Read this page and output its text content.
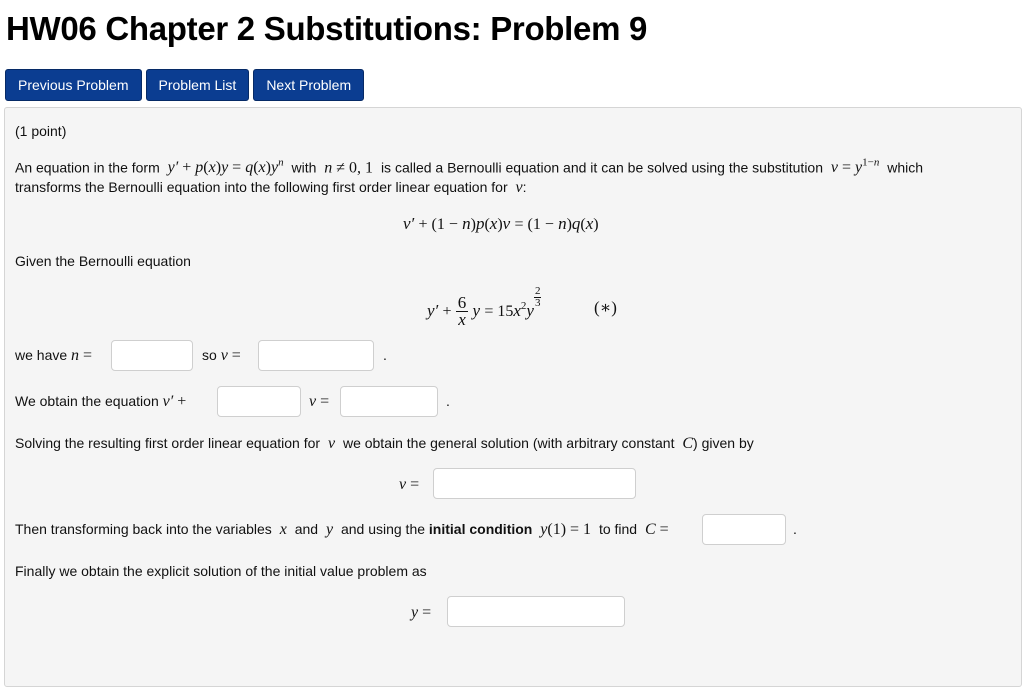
HW06 Chapter 2 Substitutions: Problem 9
Previous Problem	Problem List	Next Problem
(1 point)
An equation in the form  $y' + p(x)y = q(x)y^n$ with  n ≠ 0, 1 is called a Bernoulli equation and it can be solved using the substitution  $v = y^{1-n}$ which
transforms the Bernoulli equation into the following first order linear equation for  v:
v′ + (1 − n)p(x)v = (1 − n)q(x)
Given the Bernoulli equation
$y' + \frac{6}{x}$ $y = 15x^2y$
$\frac{2}{3}$	(∗)
we have n =	so v =	.
We obtain the equation v′ +	v =	.
Solving the resulting first order linear equation for  v  we obtain the general solution (with arbitrary constant  C) given by
v =
Then transforming back into the variables  x  and  y  and using the initial condition  y(1) = 1 to find  C =	.
Finally we obtain the explicit solution of the initial value problem as
y =
